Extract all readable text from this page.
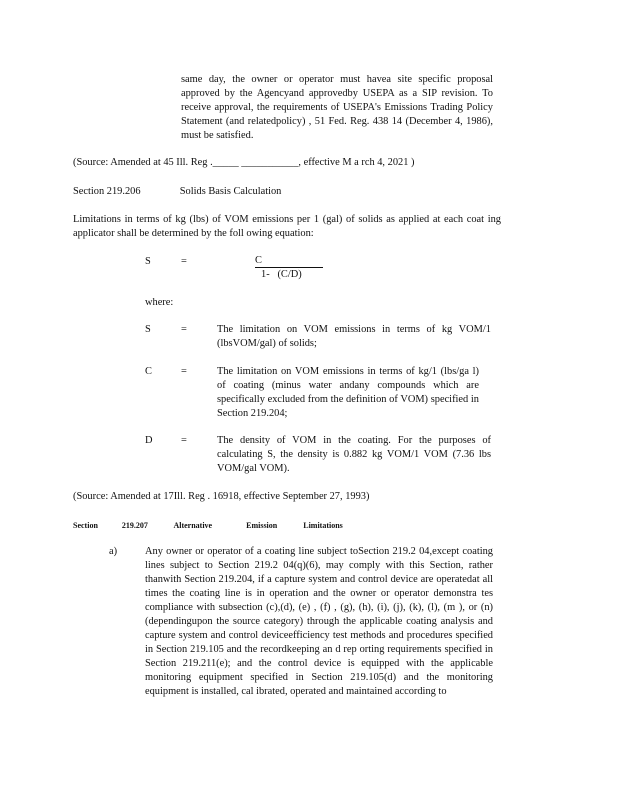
same day, the owner or operator must havea site specific proposal approved by the Agencyand approvedby USEPA as a SIP revision. To receive approval, the requirements of USEPA's Emissions Trading Policy Statement (and relatedpolicy) , 51 Fed. Reg. 438 14 (December 4, 1986), must be satisfied.

(Source: Amended at 45 Ill. Reg ._____ ___________, effective M a rch 4, 2021 )

Section 219.206	Solids Basis Calculation

Limitations in terms of kg (lbs) of VOM emissions per 1 (gal) of solids as applied at each coat ing applicator shall be determined by the foll owing equation:

S	=	C
1-   (C/D)

where:

S	=	The limitation on VOM emissions in terms of kg VOM/1 (lbsVOM/gal) of solids;

C	=	The limitation on VOM emissions in terms of kg/1 (lbs/ga l) of coating (minus water andany compounds which are specifically excluded from the definition of VOM) specified in Section 219.204;

D	=	The density of VOM in the coating. For the purposes of calculating S, the density is 0.882 kg VOM/1 VOM (7.36 lbs VOM/gal VOM).

(Source: Amended at 17Ill. Reg . 16918, effective September 27, 1993)

Section	219.207	Alternative	Emission	Limitations
a)	Any owner or operator of a coating line subject toSection 219.2 04,except coating lines subject to Section 219.2 04(q)(6), may comply with this Section, rather thanwith Section 219.204, if a capture system and control device are operatedat all times the coating line is in operation and the owner or operator demonstra tes compliance with subsection (c),(d), (e) , (f) , (g), (h), (i), (j), (k), (l), (m ), or (n)(dependingupon the source category) through the applicable coating analysis and capture system and control deviceefficiency test methods and procedures specified in Section 219.105 and the recordkeeping an d rep orting requirements specified in Section 219.211(e); and the control device is equipped with the applicable monitoring equipment specified in Section 219.105(d) and the monitoring equipment is installed, cal ibrated, operated and maintained according to
